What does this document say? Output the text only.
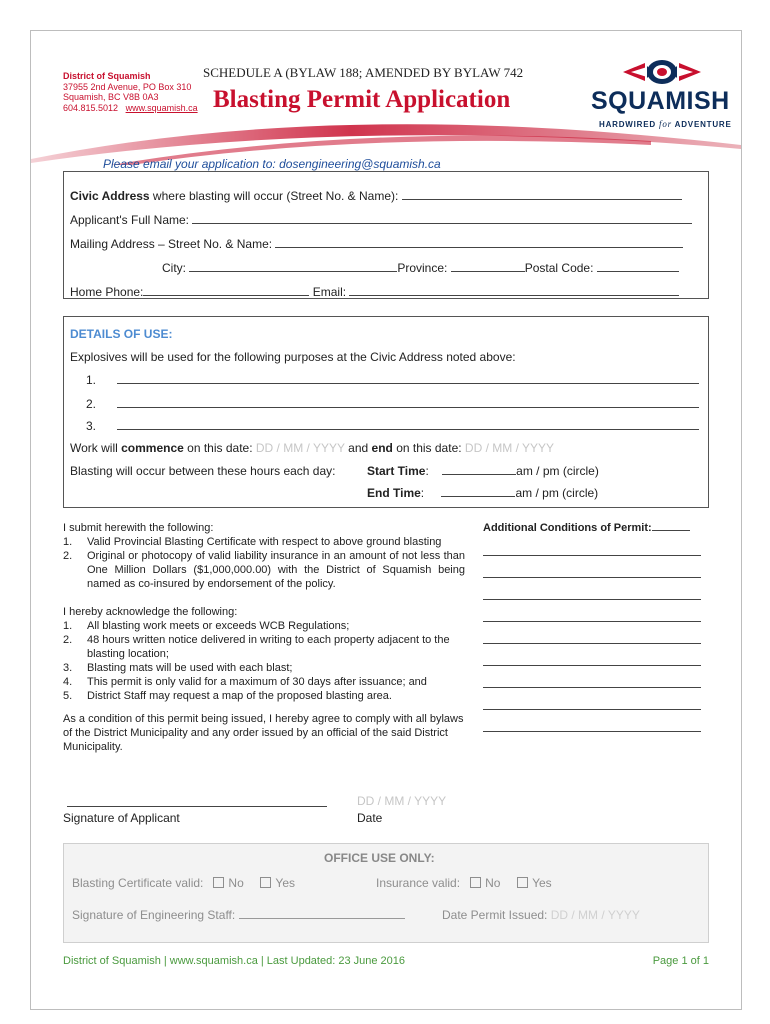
District of Squamish
37955 2nd Avenue, PO Box 310
Squamish, BC V8B 0A3
604.815.5012 www.squamish.ca
SCHEDULE A (BYLAW 188; AMENDED BY BYLAW 742
Blasting Permit Application	SQUAMISH
HARDWIRED for ADVENTURE
Please email your application to: dosengineering@squamish.ca
Civic Address where blasting will occur (Street No. & Name):
Applicant's Full Name:
Mailing Address – Street No. & Name:
City:	Province:	Postal Code:
Home Phone:	Email:
DETAILS OF USE:
Explosives will be used for the following purposes at the Civic Address noted above:
1.
2.
3.
Work will commence on this date: DD / MM / YYYY and end on this date: DD / MM / YYYY
Blasting will occur between these hours each day:	Start Time:	am / pm (circle)
End Time:	am / pm (circle)
I submit herewith the following:
1. Valid Provincial Blasting Certificate with respect to above ground blasting
2. Original or photocopy of valid liability insurance in an amount of not less than One Million Dollars ($1,000,000.00) with the District of Squamish being named as co-insured by endorsement of the policy.
I hereby acknowledge the following:
1. All blasting work meets or exceeds WCB Regulations;
2. 48 hours written notice delivered in writing to each property adjacent to the blasting location;
3. Blasting mats will be used with each blast;
4. This permit is only valid for a maximum of 30 days after issuance; and
5. District Staff may request a map of the proposed blasting area.
As a condition of this permit being issued, I hereby agree to comply with all bylaws of the District Municipality and any order issued by an official of the said District Municipality.
Additional Conditions of Permit:
Signature of Applicant
DD / MM / YYYY
Date
OFFICE USE ONLY:
Blasting Certificate valid: No	Yes	Insurance valid: No	Yes
Signature of Engineering Staff:	Date Permit Issued: DD / MM / YYYY
District of Squamish | www.squamish.ca | Last Updated: 23 June 2016	Page 1 of 1
